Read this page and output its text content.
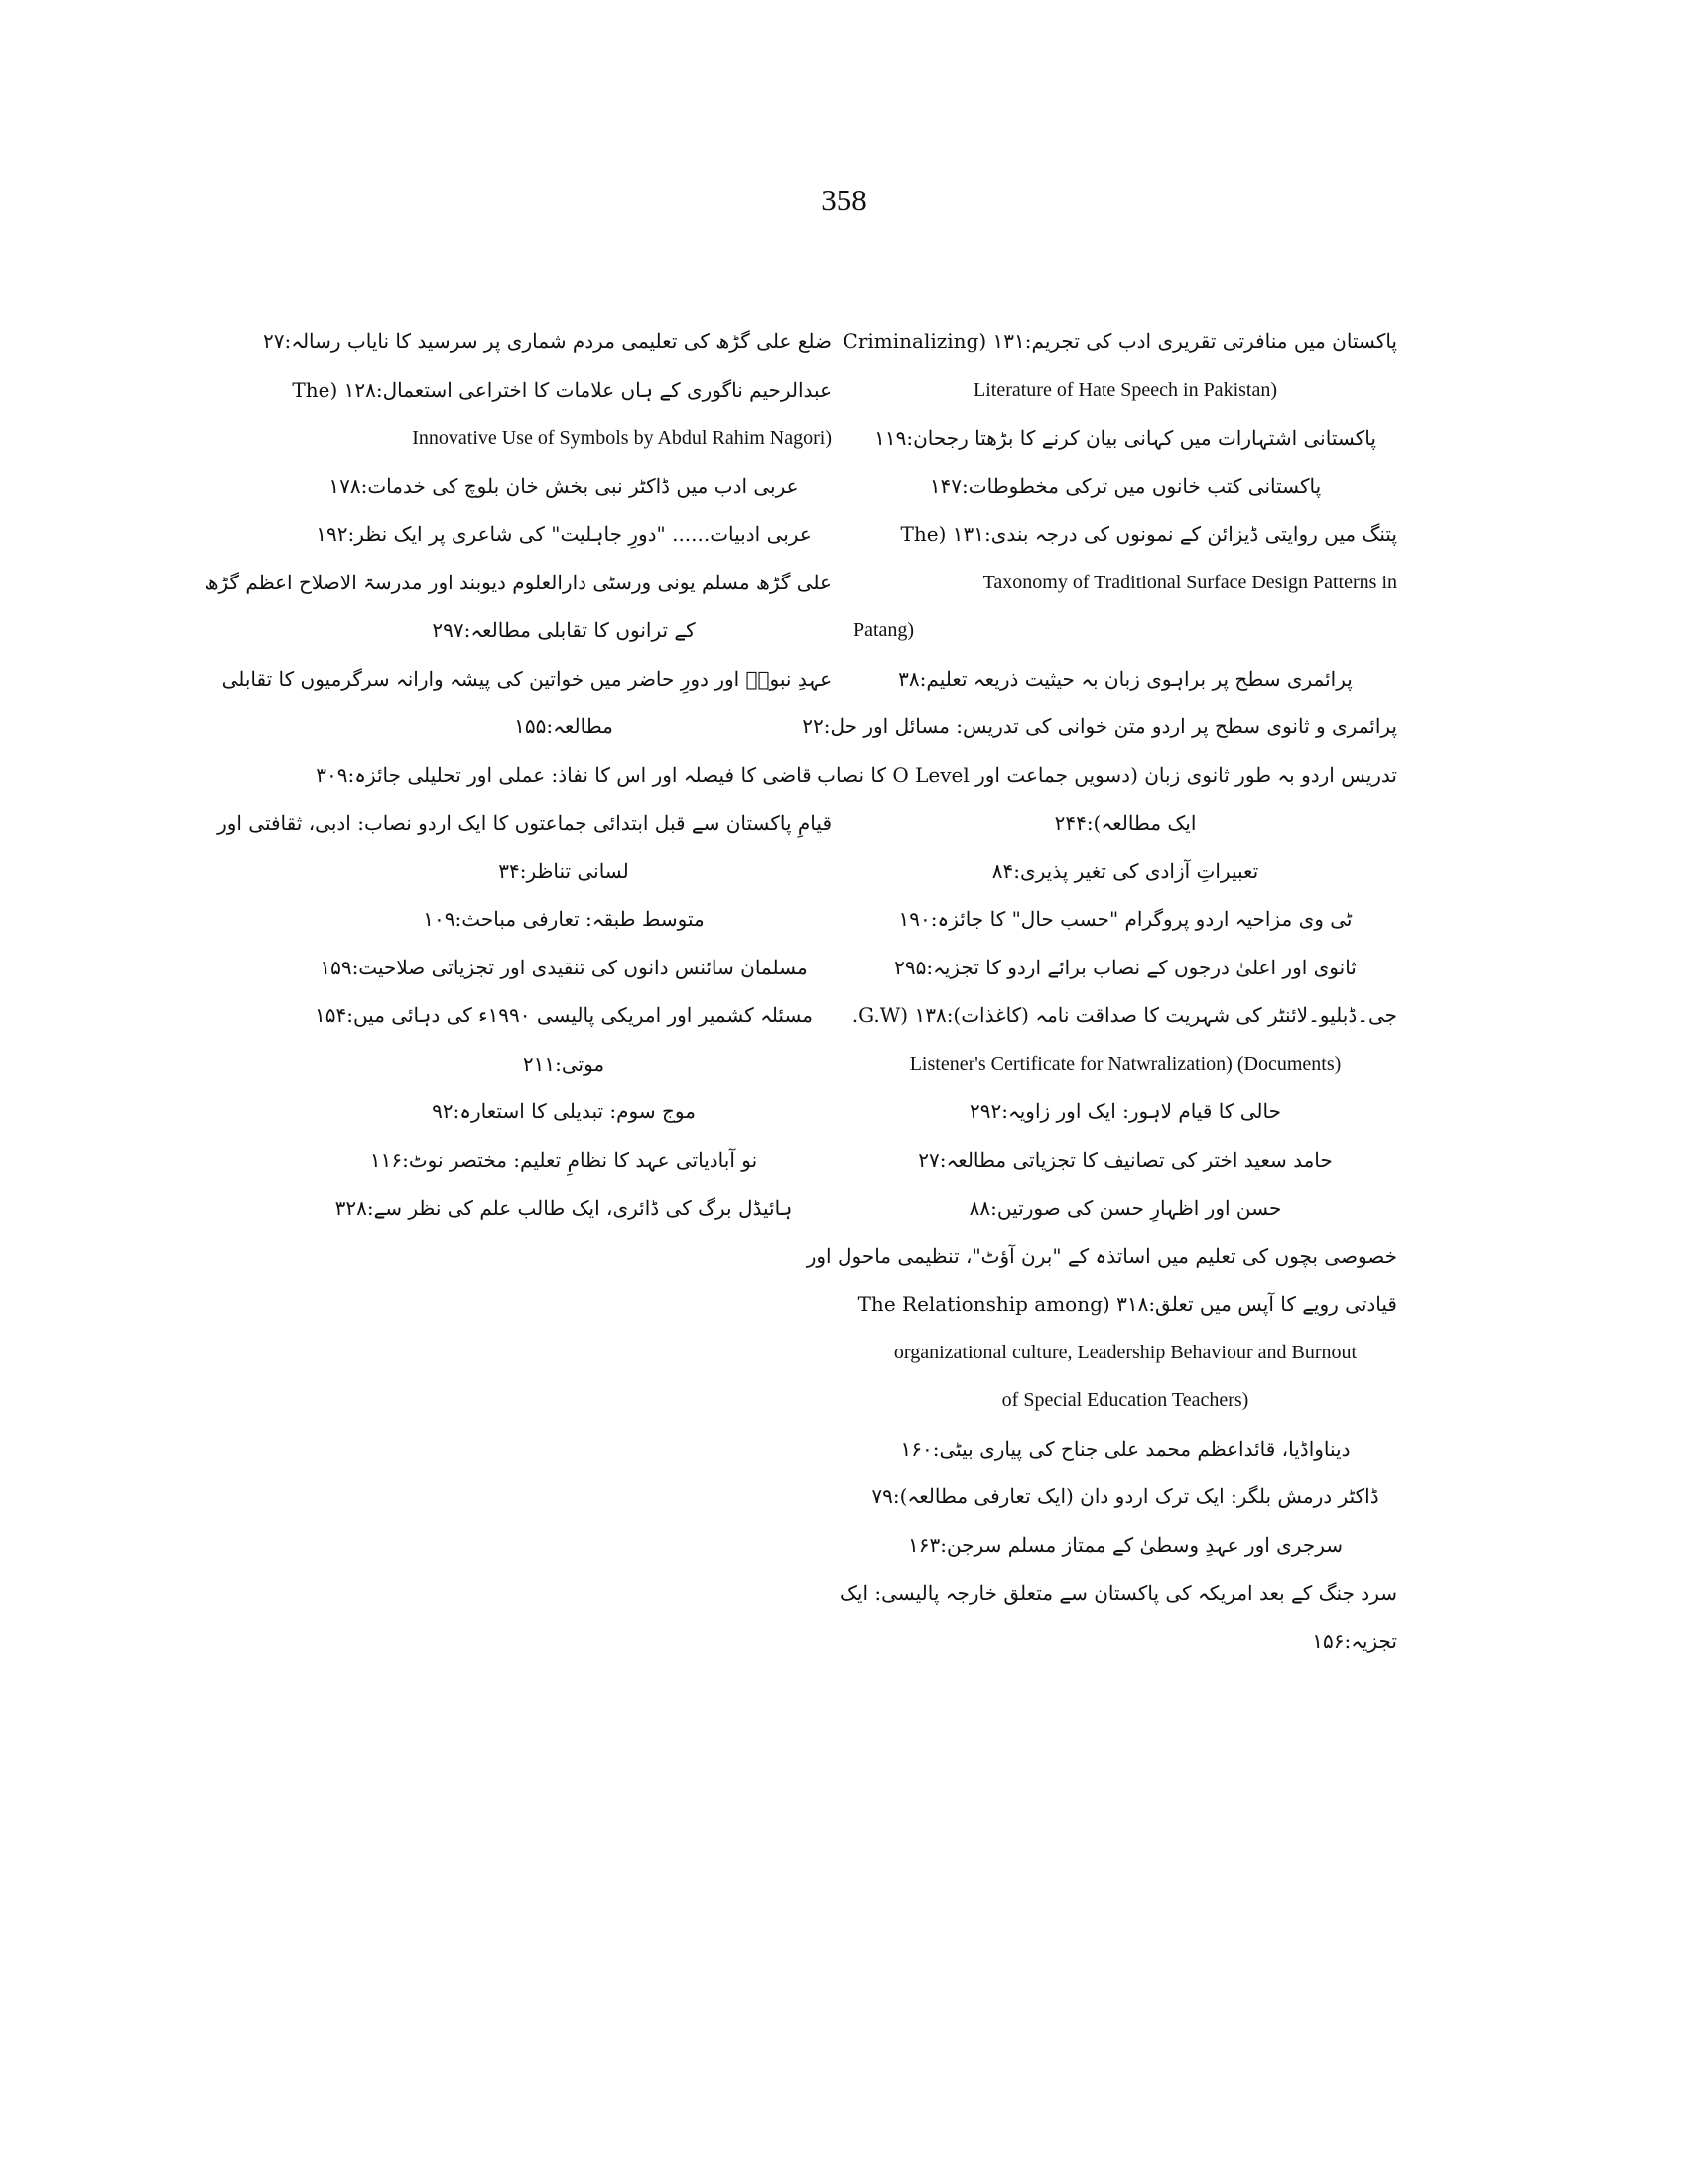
358
پاکستان میں منافرتی تقریری ادب کی تجریم:۱۳۱ (Criminalizing
Literature of Hate Speech in Pakistan)
پاکستانی اشتہارات میں کہانی بیان کرنے کا بڑھتا رجحان:۱۱۹
پاکستانی کتب خانوں میں ترکی مخطوطات:۱۴۷
پتنگ میں روایتی ڈیزائن کے نمونوں کی درجہ بندی:۱۳۱ (The
Taxonomy of Traditional Surface Design Patterns in
Patang)
پرائمری سطح پر براہوی زبان بہ حیثیت ذریعہ تعلیم:۳۸
پرائمری و ثانوی سطح پر اردو متن خوانی کی تدریس: مسائل اور حل:۲۲
تدریس اردو بہ طور ثانوی زبان (دسویں جماعت اور O Level کا نصاب
ایک مطالعہ):۲۴۴
تعبیراتِ آزادی کی تغیر پذیری:۸۴
ٹی وی مزاحیہ اردو پروگرام "حسب حال" کا جائزہ:۱۹۰
ثانوی اور اعلیٰ درجوں کے نصاب برائے اردو کا تجزیہ:۲۹۵
جی۔ڈبلیو۔لائنٹر کی شہریت کا صداقت نامہ (کاغذات):۱۳۸ (G.W.
Listener's Certificate for Natwralization) (Documents)
حالی کا قیام لاہور: ایک اور زاویہ:۲۹۲
حامد سعید اختر کی تصانیف کا تجزیاتی مطالعہ:۲۷
حسن اور اظہارِ حسن کی صورتیں:۸۸
خصوصی بچوں کی تعلیم میں اساتذہ کے "برن آؤٹ"، تنظیمی ماحول اور
قیادتی رویے کا آپس میں تعلق:۳۱۸ (The Relationship among
organizational culture, Leadership Behaviour and Burnout
of Special Education Teachers)
دیناواڈیا، قائداعظم محمد علی جناح کی پیاری بیٹی:۱۶۰
ڈاکٹر درمش بلگر: ایک ترک اردو دان (ایک تعارفی مطالعہ):۷۹
سرجری اور عہدِ وسطیٰ کے ممتاز مسلم سرجن:۱۶۳
سرد جنگ کے بعد امریکہ کی پاکستان سے متعلق خارجہ پالیسی: ایک
تجزیہ:۱۵۶
ضلع علی گڑھ کی تعلیمی مردم شماری پر سرسید کا نایاب رسالہ:۲۷
عبدالرحیم ناگوری کے ہاں علامات کا اختراعی استعمال:۱۲۸ (The
Innovative Use of Symbols by Abdul Rahim Nagori)
عربی ادب میں ڈاکٹر نبی بخش خان بلوچ کی خدمات:۱۷۸
عربی ادبیات...... "دورِ جاہلیت" کی شاعری پر ایک نظر:۱۹۲
علی گڑھ مسلم یونی ورسٹی دارالعلوم دیوبند اور مدرسۃ الاصلاح اعظم گڑھ
کے ترانوں کا تقابلی مطالعہ:۲۹۷
عہدِ نبویؐ اور دورِ حاضر میں خواتین کی پیشہ وارانہ سرگرمیوں کا تقابلی
مطالعہ:۱۵۵
قاضی کا فیصلہ اور اس کا نفاذ: عملی اور تحلیلی جائزہ:۳۰۹
قیامِ پاکستان سے قبل ابتدائی جماعتوں کا ایک اردو نصاب: ادبی، ثقافتی اور
لسانی تناظر:۳۴
متوسط طبقہ: تعارفی مباحث:۱۰۹
مسلمان سائنس دانوں کی تنقیدی اور تجزیاتی صلاحیت:۱۵۹
مسئلہ کشمیر اور امریکی پالیسی ۱۹۹۰ء کی دہائی میں:۱۵۴
موتی:۲۱۱
موج سوم: تبدیلی کا استعارہ:۹۲
نو آبادیاتی عہد کا نظامِ تعلیم: مختصر نوٹ:۱۱۶
ہائیڈل برگ کی ڈائری، ایک طالب علم کی نظر سے:۳۲۸
